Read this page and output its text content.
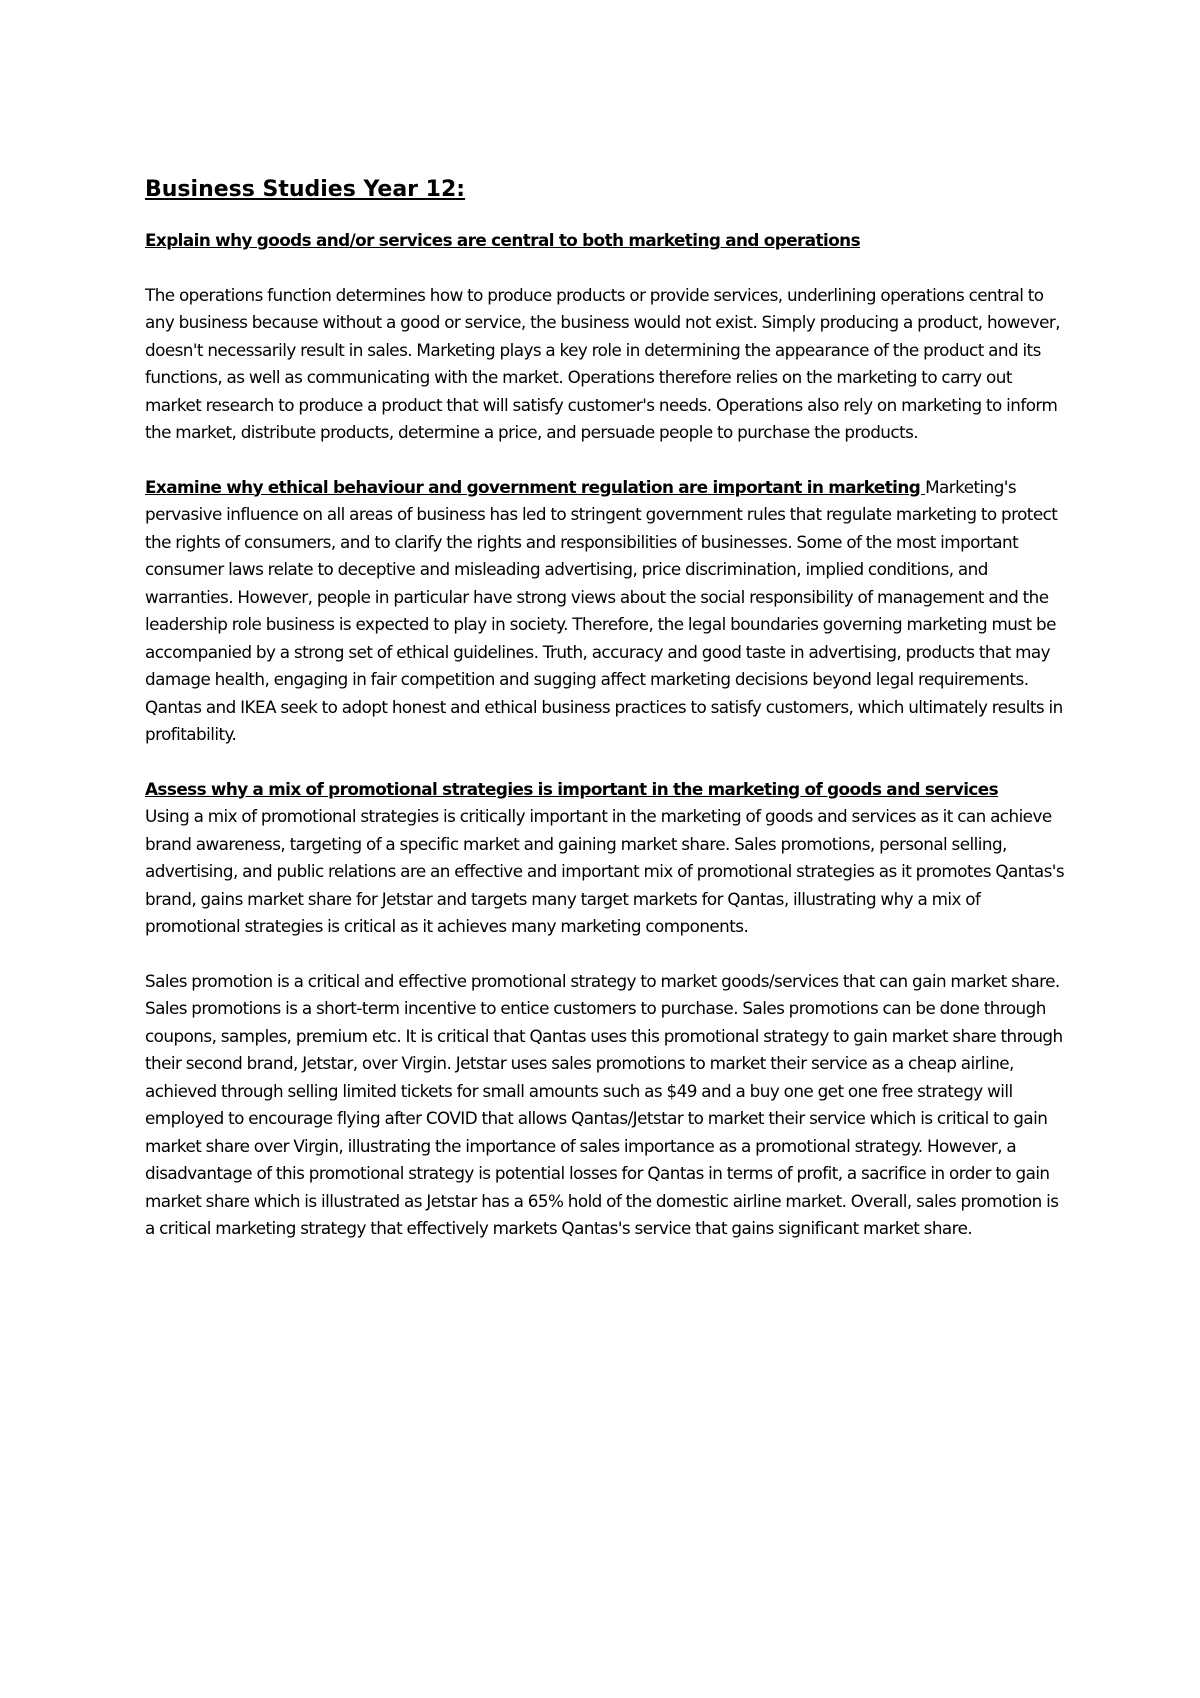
Business Studies Year 12:
Explain why goods and/or services are central to both marketing and operations

The operations function determines how to produce products or provide services, underlining operations central to any business because without a good or service, the business would not exist. Simply producing a product, however, doesn't necessarily result in sales. Marketing plays a key role in determining the appearance of the product and its functions, as well as communicating with the market. Operations therefore relies on the marketing to carry out market research to produce a product that will satisfy customer's needs. Operations also rely on marketing to inform the market, distribute products, determine a price, and persuade people to purchase the products.

Examine why ethical behaviour and government regulation are important in marketing Marketing's pervasive influence on all areas of business has led to stringent government rules that regulate marketing to protect the rights of consumers, and to clarify the rights and responsibilities of businesses. Some of the most important consumer laws relate to deceptive and misleading advertising, price discrimination, implied conditions, and warranties. However, people in particular have strong views about the social responsibility of management and the leadership role business is expected to play in society. Therefore, the legal boundaries governing marketing must be accompanied by a strong set of ethical guidelines. Truth, accuracy and good taste in advertising, products that may damage health, engaging in fair competition and sugging affect marketing decisions beyond legal requirements. Qantas and IKEA seek to adopt honest and ethical business practices to satisfy customers, which ultimately results in profitability.

Assess why a mix of promotional strategies is important in the marketing of goods and services
Using a mix of promotional strategies is critically important in the marketing of goods and services as it can achieve brand awareness, targeting of a specific market and gaining market share. Sales promotions, personal selling, advertising, and public relations are an effective and important mix of promotional strategies as it promotes Qantas's brand, gains market share for Jetstar and targets many target markets for Qantas, illustrating why a mix of promotional strategies is critical as it achieves many marketing components.

Sales promotion is a critical and effective promotional strategy to market goods/services that can gain market share. Sales promotions is a short-term incentive to entice customers to purchase. Sales promotions can be done through coupons, samples, premium etc. It is critical that Qantas uses this promotional strategy to gain market share through their second brand, Jetstar, over Virgin. Jetstar uses sales promotions to market their service as a cheap airline, achieved through selling limited tickets for small amounts such as $49 and a buy one get one free strategy will employed to encourage flying after COVID that allows Qantas/Jetstar to market their service which is critical to gain market share over Virgin, illustrating the importance of sales importance as a promotional strategy. However, a disadvantage of this promotional strategy is potential losses for Qantas in terms of profit, a sacrifice in order to gain market share which is illustrated as Jetstar has a 65% hold of the domestic airline market. Overall, sales promotion is a critical marketing strategy that effectively markets Qantas's service that gains significant market share.
